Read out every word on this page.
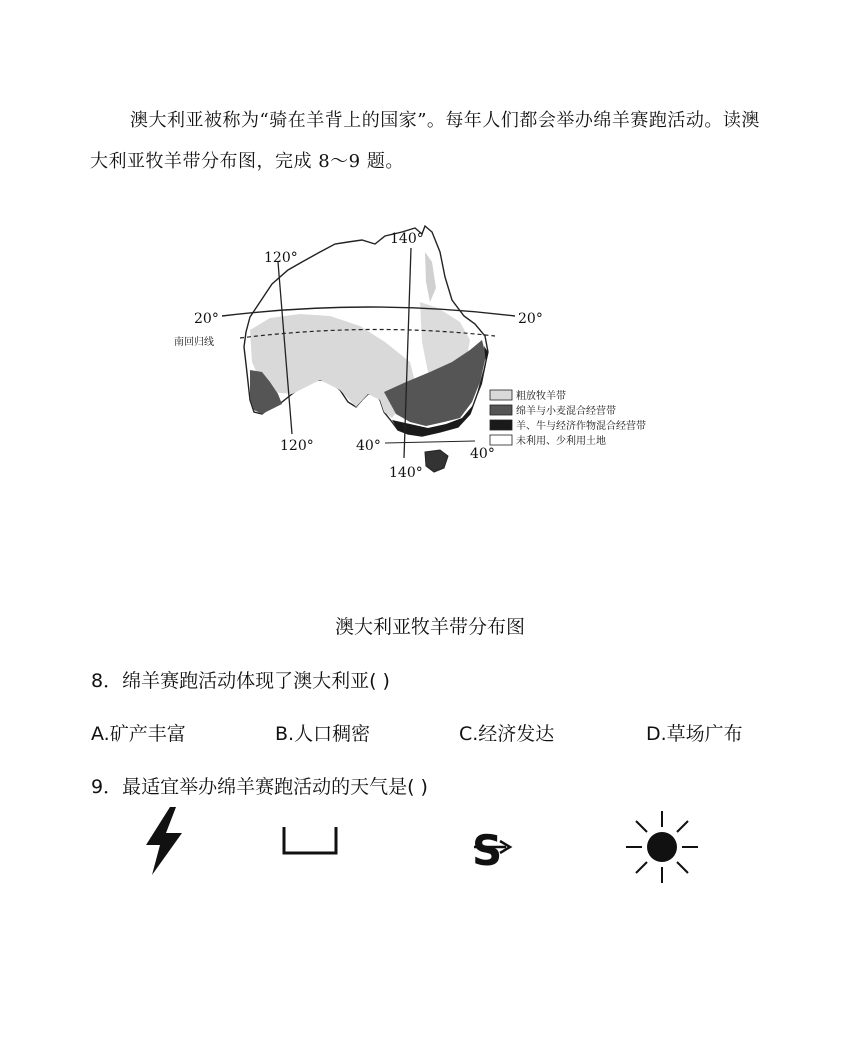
澳大利亚被称为“骑在羊背上的国家”。每年人们都会举办绵羊赛跑活动。读澳大利亚牧羊带分布图，完成 8～9 题。
120°
140°
120°
140°
20°	20°
40°	40°
南回归线
粗放牧羊带
绵羊与小麦混合经营带
羊、牛与经济作物混合经营带
未利用、少利用土地
澳大利亚牧羊带分布图
8．绵羊赛跑活动体现了澳大利亚( )
A.矿产丰富	B.人口稠密	C.经济发达	D.草场广布
9．最适宜举办绵羊赛跑活动的天气是( )
S
